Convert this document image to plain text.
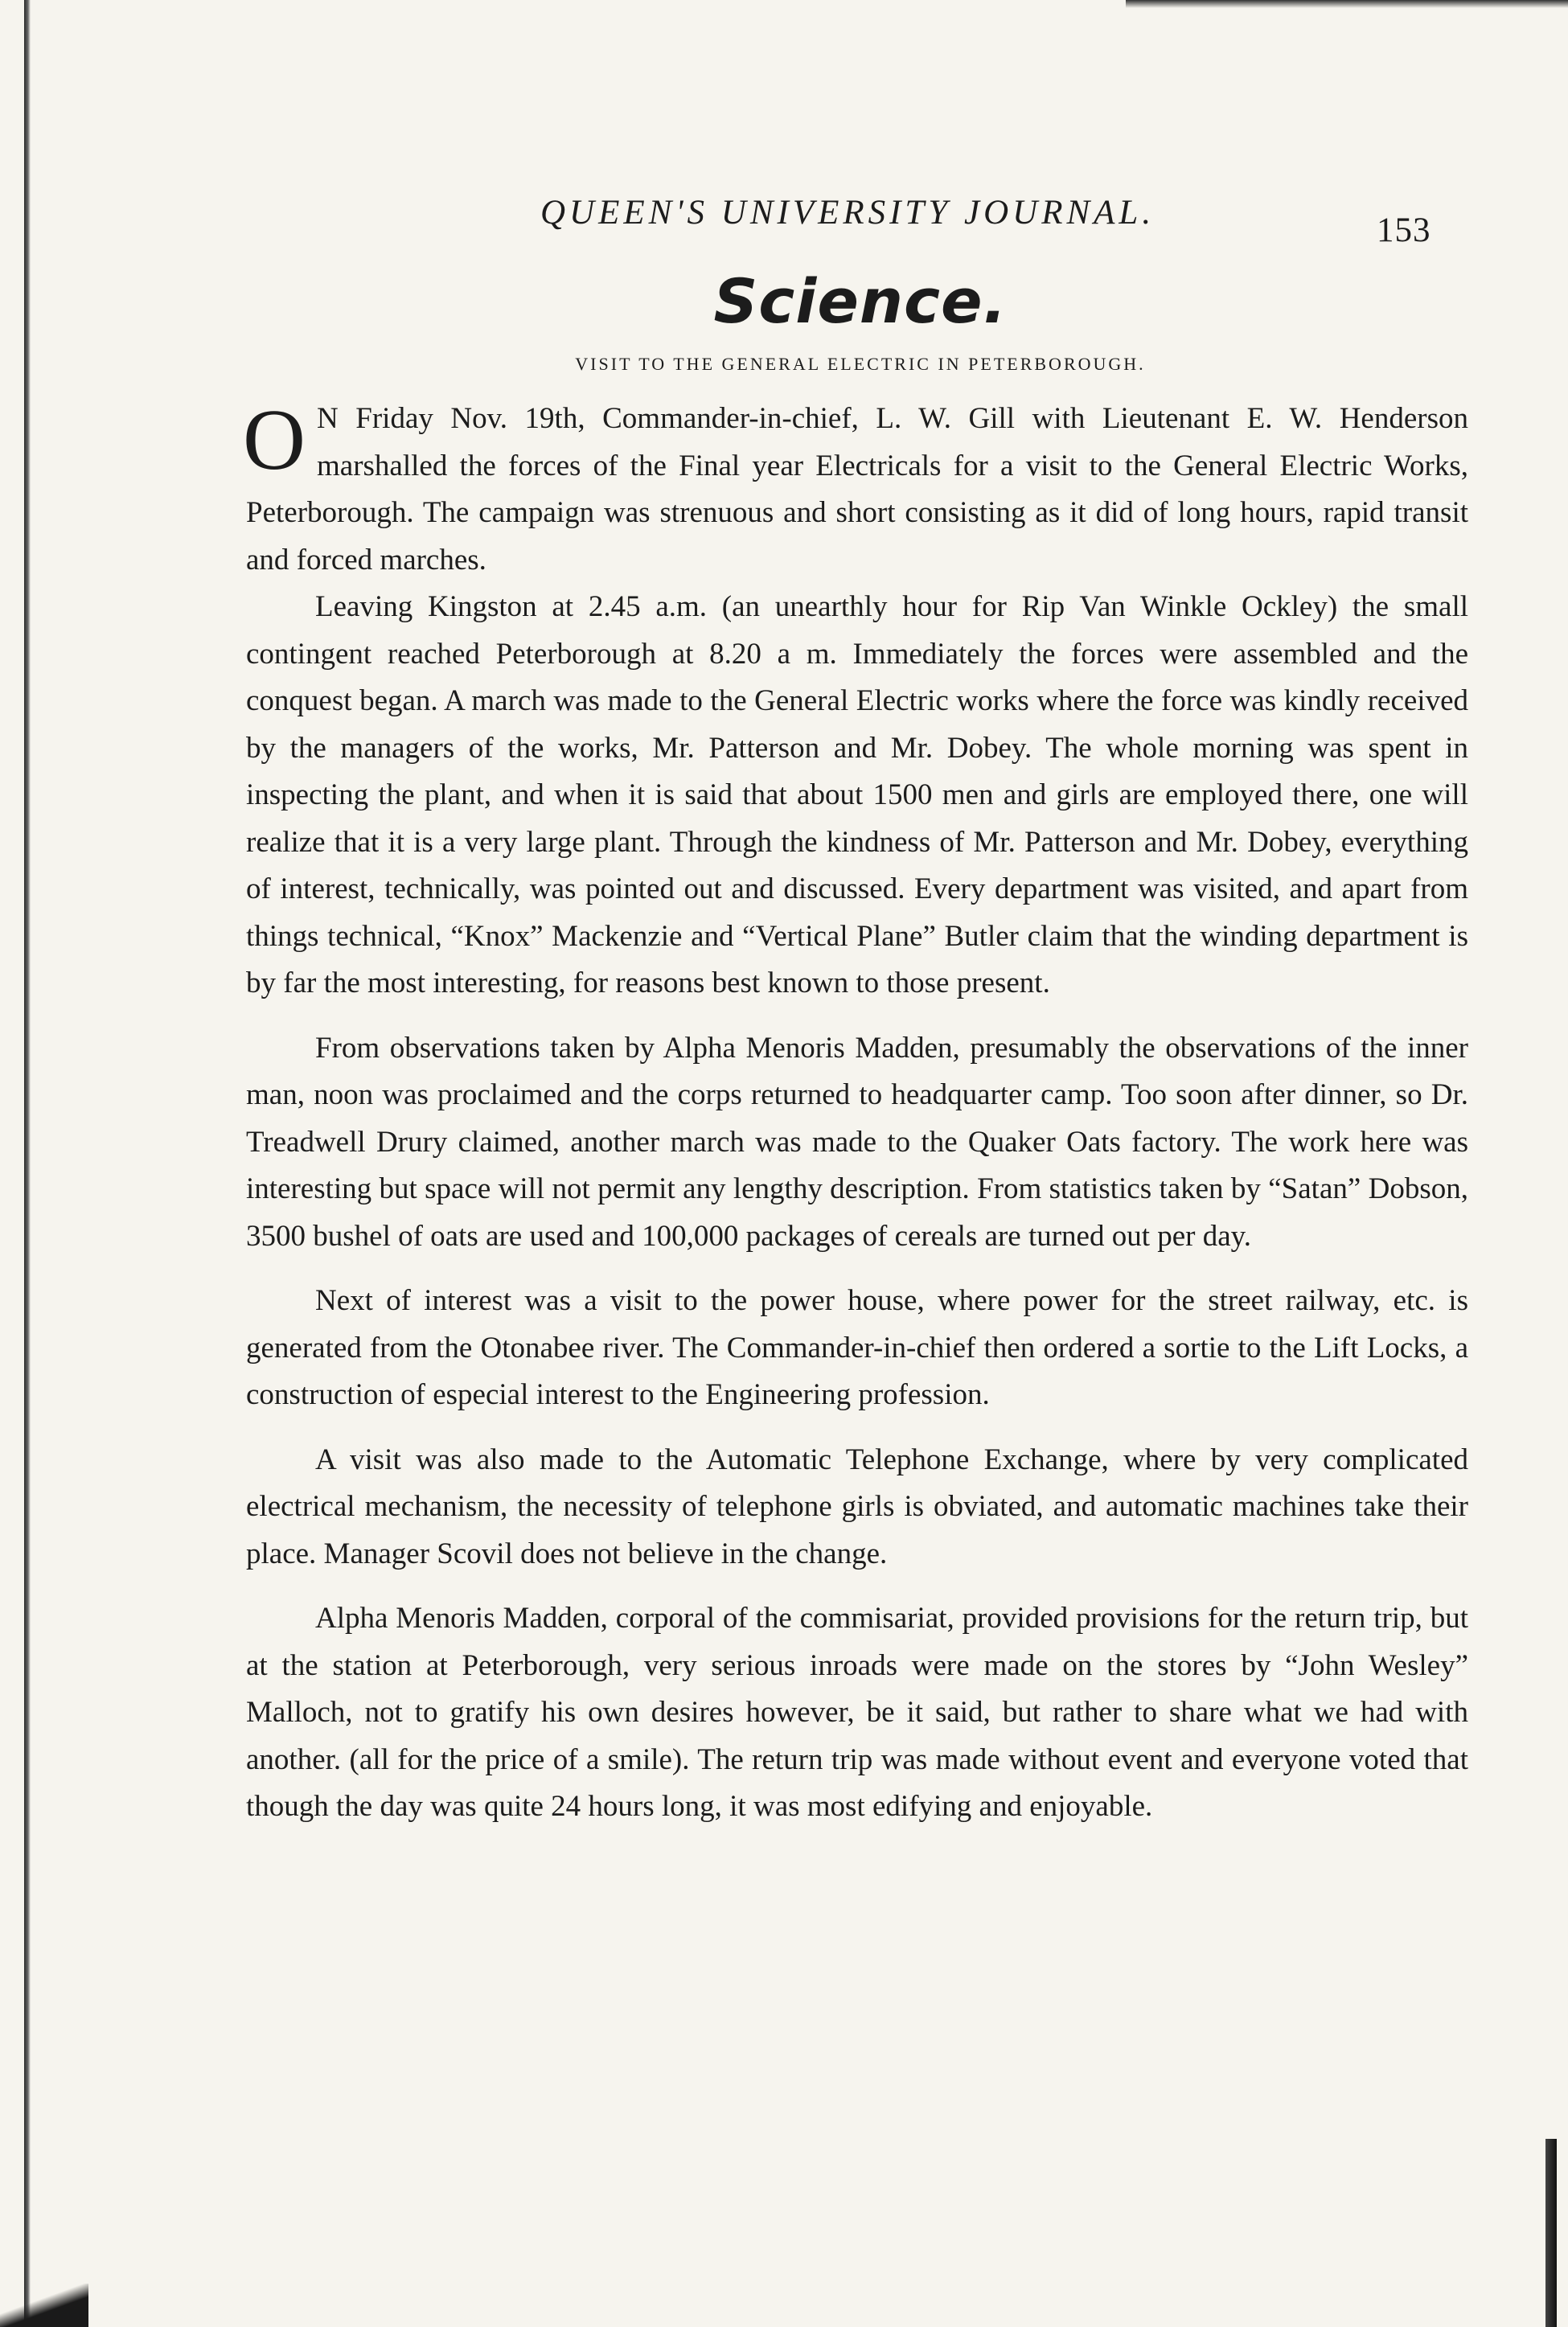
QUEEN'S UNIVERSITY JOURNAL.	153
Science.
VISIT TO THE GENERAL ELECTRIC IN PETERBOROUGH.

O N Friday Nov. 19th, Commander-in-chief, L. W. Gill with Lieutenant E. W. Henderson marshalled the forces of the Final year Electricals for a visit to the General Electric Works, Peterborough. The campaign was strenuous and short consisting as it did of long hours, rapid transit and forced marches.

Leaving Kingston at 2.45 a.m. (an unearthly hour for Rip Van Winkle Ockley) the small contingent reached Peterborough at 8.20 a m. Immediately the forces were assembled and the conquest began. A march was made to the General Electric works where the force was kindly received by the managers of the works, Mr. Patterson and Mr. Dobey. The whole morning was spent in inspecting the plant, and when it is said that about 1500 men and girls are employed there, one will realize that it is a very large plant. Through the kindness of Mr. Patterson and Mr. Dobey, everything of interest, technically, was pointed out and discussed. Every department was visited, and apart from things technical, “Knox” Mackenzie and “Vertical Plane” Butler claim that the winding department is by far the most interesting, for reasons best known to those present.

From observations taken by Alpha Menoris Madden, presumably the observations of the inner man, noon was proclaimed and the corps returned to headquarter camp. Too soon after dinner, so Dr. Treadwell Drury claimed, another march was made to the Quaker Oats factory. The work here was interesting but space will not permit any lengthy description. From statistics taken by “Satan” Dobson, 3500 bushel of oats are used and 100,000 packages of cereals are turned out per day.

Next of interest was a visit to the power house, where power for the street railway, etc. is generated from the Otonabee river. The Commander-in-chief then ordered a sortie to the Lift Locks, a construction of especial interest to the Engineering profession.

A visit was also made to the Automatic Telephone Exchange, where by very complicated electrical mechanism, the necessity of telephone girls is obviated, and automatic machines take their place. Manager Scovil does not believe in the change.

Alpha Menoris Madden, corporal of the commisariat, provided provisions for the return trip, but at the station at Peterborough, very serious inroads were made on the stores by “John Wesley” Malloch, not to gratify his own desires however, be it said, but rather to share what we had with another. (all for the price of a smile). The return trip was made without event and everyone voted that though the day was quite 24 hours long, it was most edifying and enjoyable.
